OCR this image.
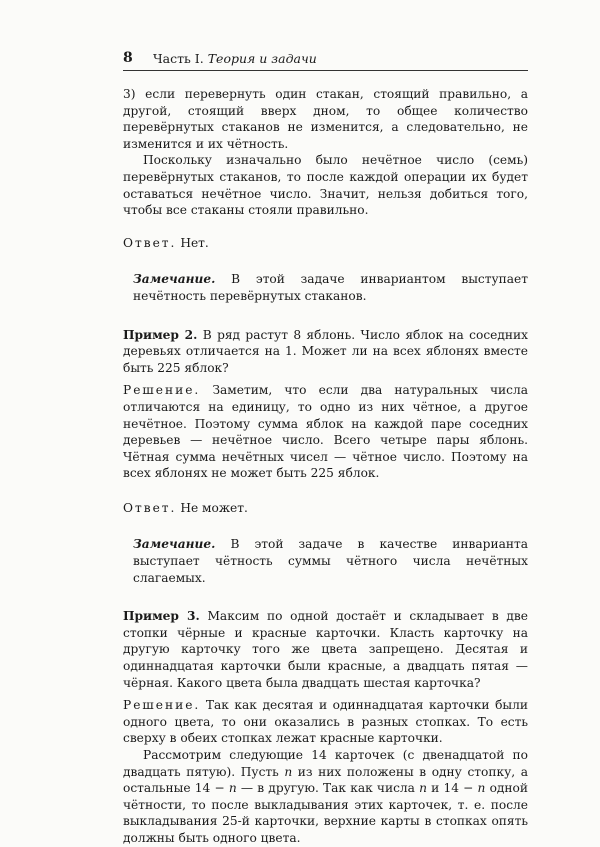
8 Часть I. Теория и задачи

3) если перевернуть один стакан, стоящий правильно, а другой, стоящий вверх дном, то общее количество перевёрнутых стаканов не изменится, а следовательно, не изменится и их чётность.

Поскольку изначально было нечётное число (семь) перевёрнутых стаканов, то после каждой операции их будет оставаться нечётное число. Значит, нельзя добиться того, чтобы все стаканы стояли правильно.

Ответ. Нет.

Замечание. В этой задаче инвариантом выступает нечётность перевёрнутых стаканов.

Пример 2. В ряд растут 8 яблонь. Число яблок на соседних деревьях отличается на 1. Может ли на всех яблонях вместе быть 225 яблок?

Решение. Заметим, что если два натуральных числа отличаются на единицу, то одно из них чётное, а другое нечётное. Поэтому сумма яблок на каждой паре соседних деревьев — нечётное число. Всего четыре пары яблонь. Чётная сумма нечётных чисел — чётное число. Поэтому на всех яблонях не может быть 225 яблок.

Ответ. Не может.

Замечание. В этой задаче в качестве инварианта выступает чётность суммы чётного числа нечётных слагаемых.

Пример 3. Максим по одной достаёт и складывает в две стопки чёрные и красные карточки. Класть карточку на другую карточку того же цвета запрещено. Десятая и одиннадцатая карточки были красные, а двадцать пятая — чёрная. Какого цвета была двадцать шестая карточка?

Решение. Так как десятая и одиннадцатая карточки были одного цвета, то они оказались в разных стопках. То есть сверху в обеих стопках лежат красные карточки.

Рассмотрим следующие 14 карточек (с двенадцатой по двадцать пятую). Пусть n из них положены в одну стопку, а остальные 14 − n — в другую. Так как числа n и 14 − n одной чётности, то после выкладывания этих карточек, т. е. после выкладывания 25-й карточки, верхние карты в стопках опять должны быть одного цвета.
